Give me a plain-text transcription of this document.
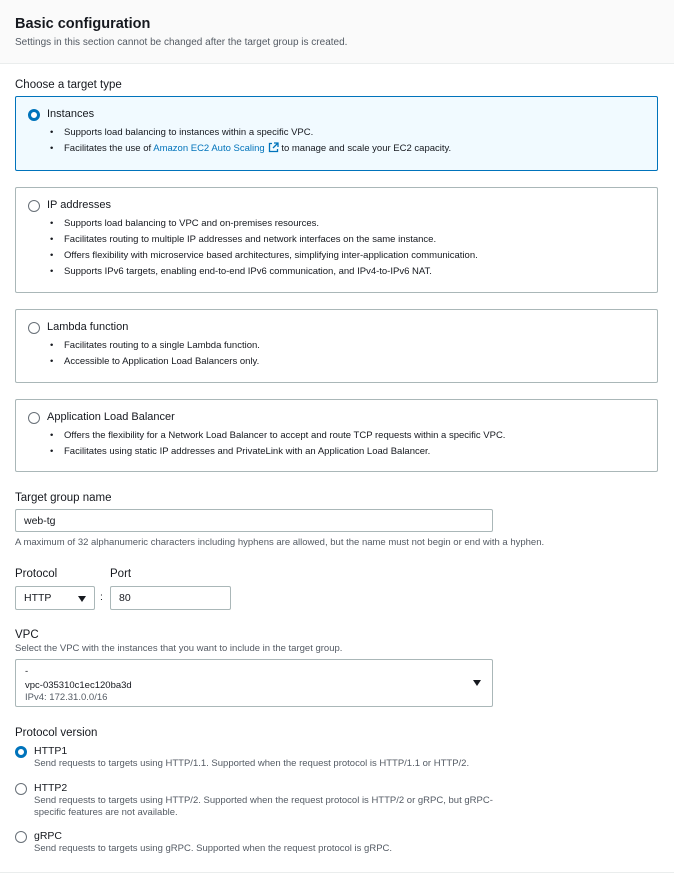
Basic configuration
Settings in this section cannot be changed after the target group is created.
Choose a target type
Instances
• Supports load balancing to instances within a specific VPC.
• Facilitates the use of Amazon EC2 Auto Scaling to manage and scale your EC2 capacity.
IP addresses
• Supports load balancing to VPC and on-premises resources.
• Facilitates routing to multiple IP addresses and network interfaces on the same instance.
• Offers flexibility with microservice based architectures, simplifying inter-application communication.
• Supports IPv6 targets, enabling end-to-end IPv6 communication, and IPv4-to-IPv6 NAT.
Lambda function
• Facilitates routing to a single Lambda function.
• Accessible to Application Load Balancers only.
Application Load Balancer
• Offers the flexibility for a Network Load Balancer to accept and route TCP requests within a specific VPC.
• Facilitates using static IP addresses and PrivateLink with an Application Load Balancer.
Target group name
web-tg
A maximum of 32 alphanumeric characters including hyphens are allowed, but the name must not begin or end with a hyphen.
Protocol	Port
HTTP	:	80
VPC
Select the VPC with the instances that you want to include in the target group.
-
vpc-035310c1ec120ba3d
IPv4: 172.31.0.0/16
Protocol version
HTTP1
Send requests to targets using HTTP/1.1. Supported when the request protocol is HTTP/1.1 or HTTP/2.
HTTP2
Send requests to targets using HTTP/2. Supported when the request protocol is HTTP/2 or gRPC, but gRPC-specific features are not available.
gRPC
Send requests to targets using gRPC. Supported when the request protocol is gRPC.
